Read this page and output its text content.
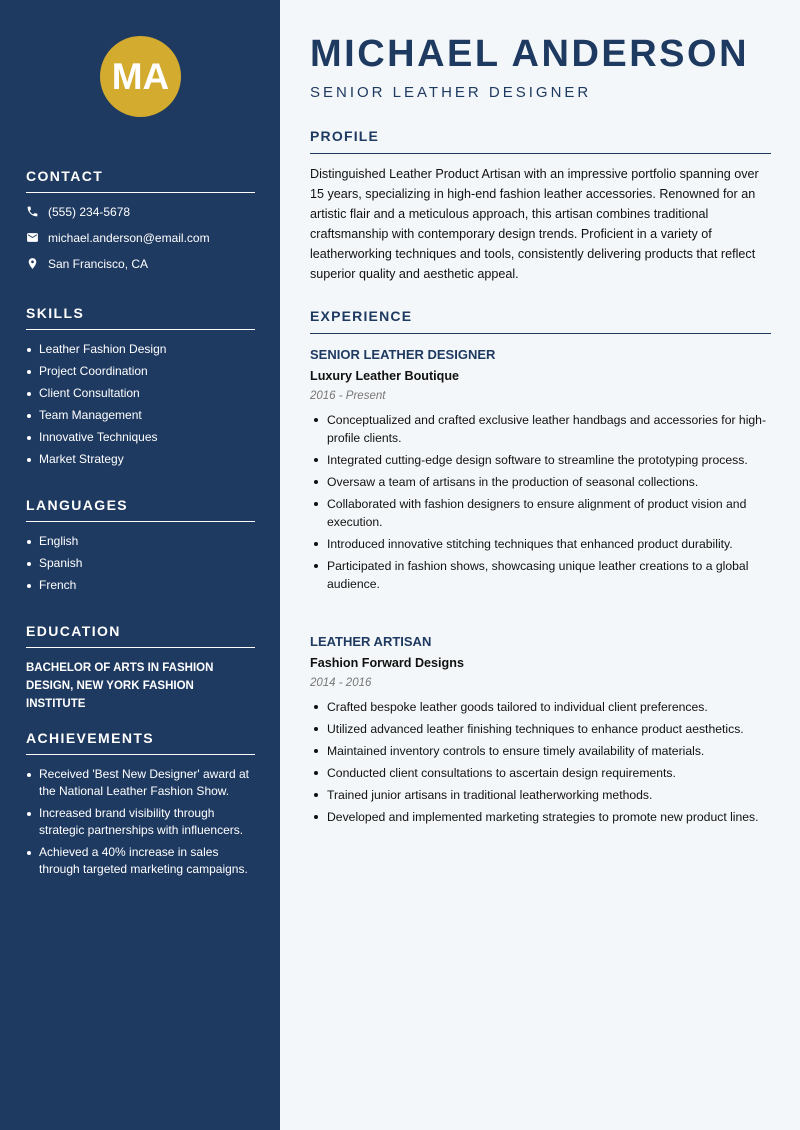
MA
CONTACT
(555) 234-5678
michael.anderson@email.com
San Francisco, CA
SKILLS
Leather Fashion Design
Project Coordination
Client Consultation
Team Management
Innovative Techniques
Market Strategy
LANGUAGES
English
Spanish
French
EDUCATION
BACHELOR OF ARTS IN FASHION DESIGN, NEW YORK FASHION INSTITUTE
ACHIEVEMENTS
Received 'Best New Designer' award at the National Leather Fashion Show.
Increased brand visibility through strategic partnerships with influencers.
Achieved a 40% increase in sales through targeted marketing campaigns.
MICHAEL ANDERSON
SENIOR LEATHER DESIGNER
PROFILE
Distinguished Leather Product Artisan with an impressive portfolio spanning over 15 years, specializing in high-end fashion leather accessories. Renowned for an artistic flair and a meticulous approach, this artisan combines traditional craftsmanship with contemporary design trends. Proficient in a variety of leatherworking techniques and tools, consistently delivering products that reflect superior quality and aesthetic appeal.
EXPERIENCE
SENIOR LEATHER DESIGNER
Luxury Leather Boutique
2016 - Present
Conceptualized and crafted exclusive leather handbags and accessories for high-profile clients.
Integrated cutting-edge design software to streamline the prototyping process.
Oversaw a team of artisans in the production of seasonal collections.
Collaborated with fashion designers to ensure alignment of product vision and execution.
Introduced innovative stitching techniques that enhanced product durability.
Participated in fashion shows, showcasing unique leather creations to a global audience.
LEATHER ARTISAN
Fashion Forward Designs
2014 - 2016
Crafted bespoke leather goods tailored to individual client preferences.
Utilized advanced leather finishing techniques to enhance product aesthetics.
Maintained inventory controls to ensure timely availability of materials.
Conducted client consultations to ascertain design requirements.
Trained junior artisans in traditional leatherworking methods.
Developed and implemented marketing strategies to promote new product lines.
